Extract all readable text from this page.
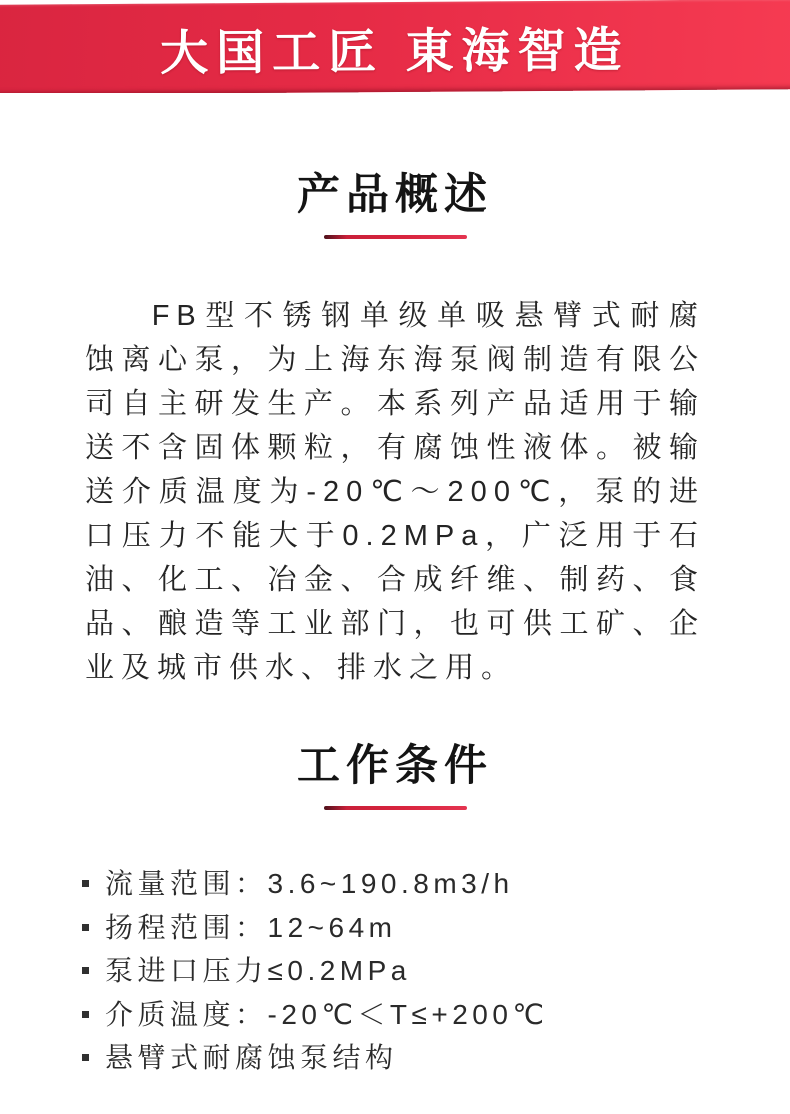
大国工匠 東海智造
产品概述

FB型不锈钢单级单吸悬臂式耐腐蚀离心泵，为上海东海泵阀制造有限公司自主研发生产。本系列产品适用于输送不含固体颗粒，有腐蚀性液体。被输送介质温度为-20℃～200℃，泵的进口压力不能大于0.2MPa，广泛用于石油、化工、冶金、合成纤维、制药、食品、酿造等工业部门，也可供工矿、企业及城市供水、排水之用。

工作条件
流量范围：3.6~190.8m3/h
扬程范围：12~64m
泵进口压力≤0.2MPa
介质温度：-20℃＜T≤+200℃
悬臂式耐腐蚀泵结构
